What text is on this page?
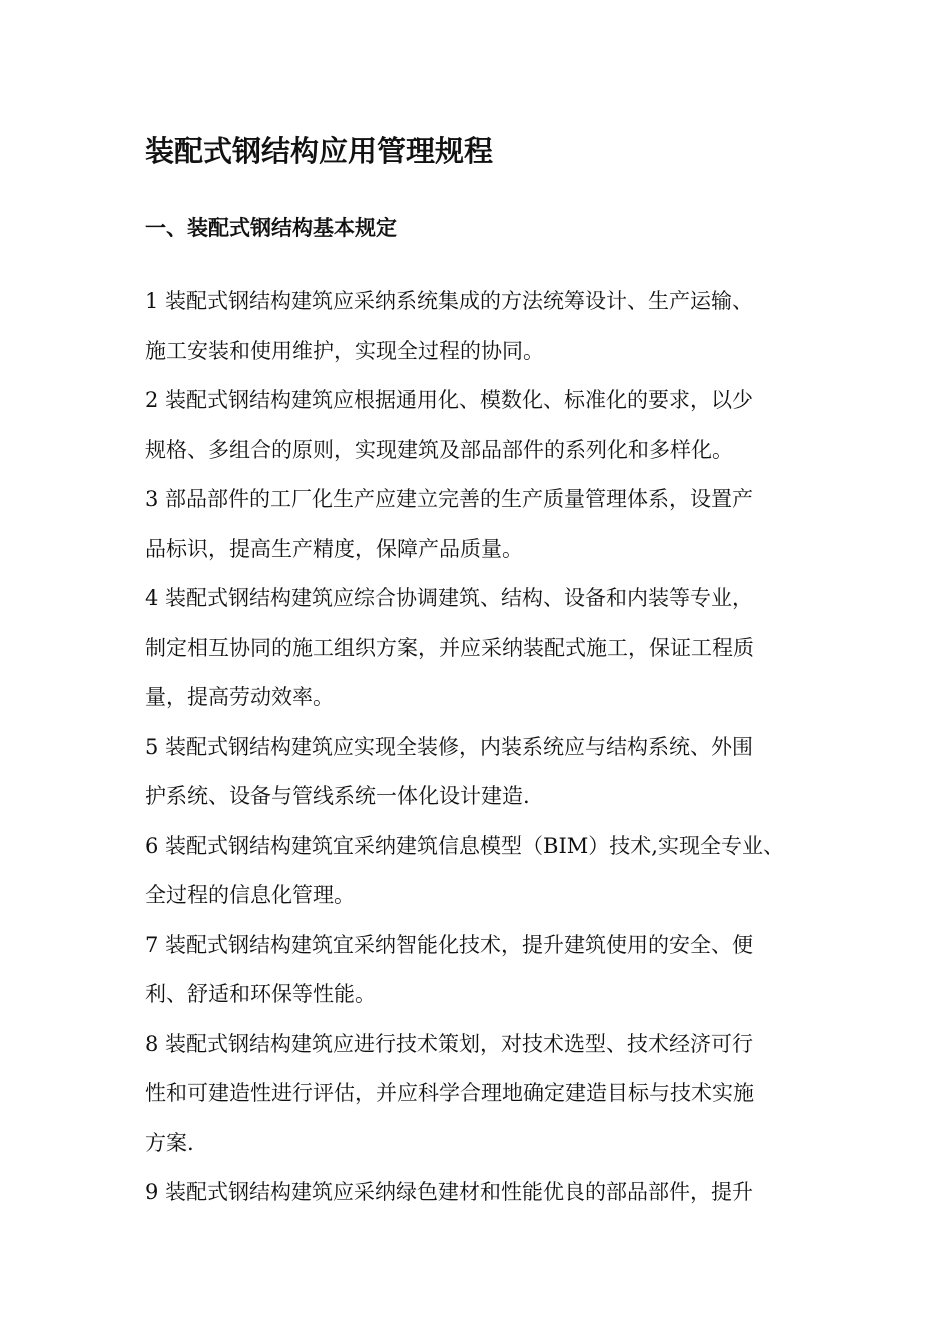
装配式钢结构应用管理规程
一、装配式钢结构基本规定

1 装配式钢结构建筑应采纳系统集成的方法统筹设计、生产运输、
施工安装和使用维护，实现全过程的协同。

2 装配式钢结构建筑应根据通用化、模数化、标准化的要求，以少
规格、多组合的原则，实现建筑及部品部件的系列化和多样化。

3 部品部件的工厂化生产应建立完善的生产质量管理体系，设置产
品标识，提高生产精度，保障产品质量。

4 装配式钢结构建筑应综合协调建筑、结构、设备和内装等专业，
制定相互协同的施工组织方案，并应采纳装配式施工，保证工程质
量，提高劳动效率。

5 装配式钢结构建筑应实现全装修，内装系统应与结构系统、外围
护系统、设备与管线系统一体化设计建造.

6 装配式钢结构建筑宜采纳建筑信息模型（BIM）技术,实现全专业、
全过程的信息化管理。

7 装配式钢结构建筑宜采纳智能化技术，提升建筑使用的安全、便
利、舒适和环保等性能。

8 装配式钢结构建筑应进行技术策划，对技术选型、技术经济可行
性和可建造性进行评估，并应科学合理地确定建造目标与技术实施
方案.

9 装配式钢结构建筑应采纳绿色建材和性能优良的部品部件，提升
